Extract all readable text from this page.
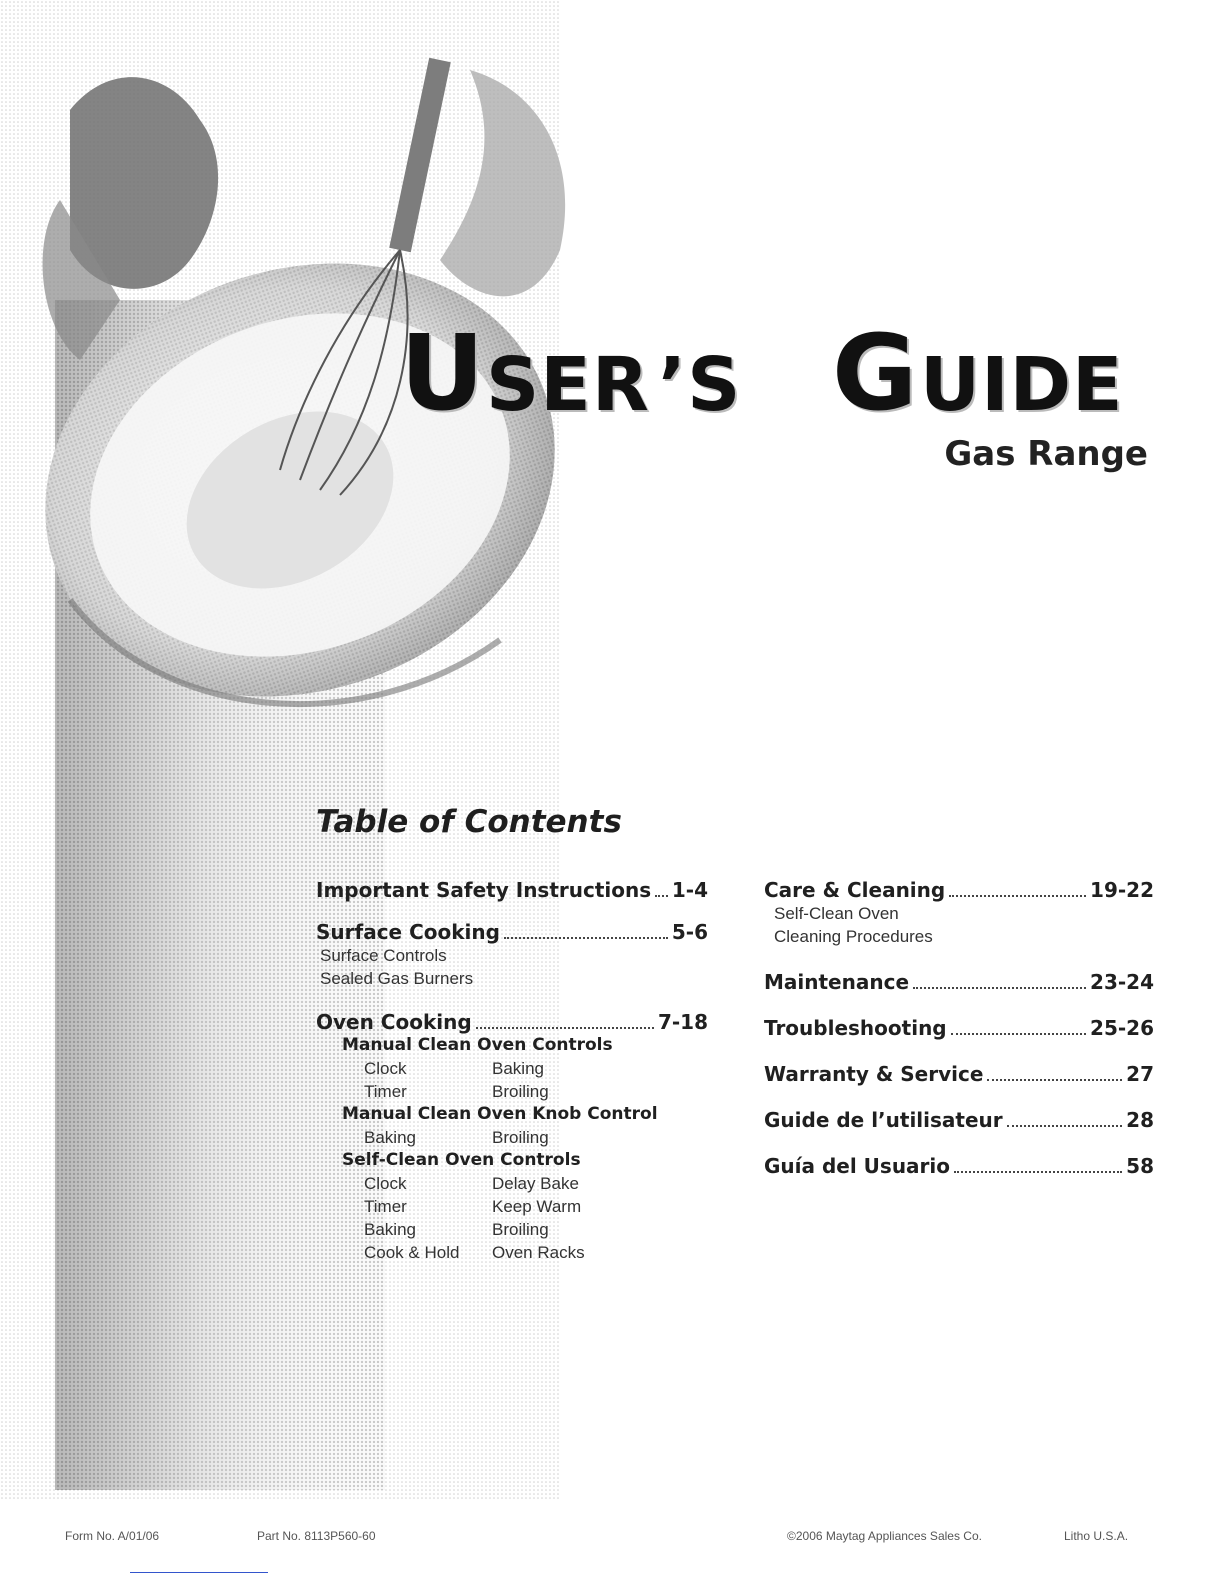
U SER ’S G UIDE
Gas Range
Table of Contents
Important Safety Instructions 1-4
Surface Cooking	5-6
Surface Controls
Sealed Gas Burners
Oven Cooking	7-18
Manual Clean Oven Controls
Clock	Baking
Timer	Broiling
Manual Clean Oven Knob Control
Baking	Broiling
Self-Clean Oven Controls
Clock	Delay Bake
Timer	Keep Warm
Baking	Broiling
Cook & Hold	Oven Racks
Care & Cleaning	19-22
Self-Clean Oven
Cleaning Procedures
Maintenance	23-24
Troubleshooting	25-26
Warranty & Service	27
Guide de l’utilisateur	28
Guía del Usuario	58
Form No. A/01/06	Part No. 8113P560-60	©2006 Maytag Appliances Sales Co.	Litho U.S.A.
